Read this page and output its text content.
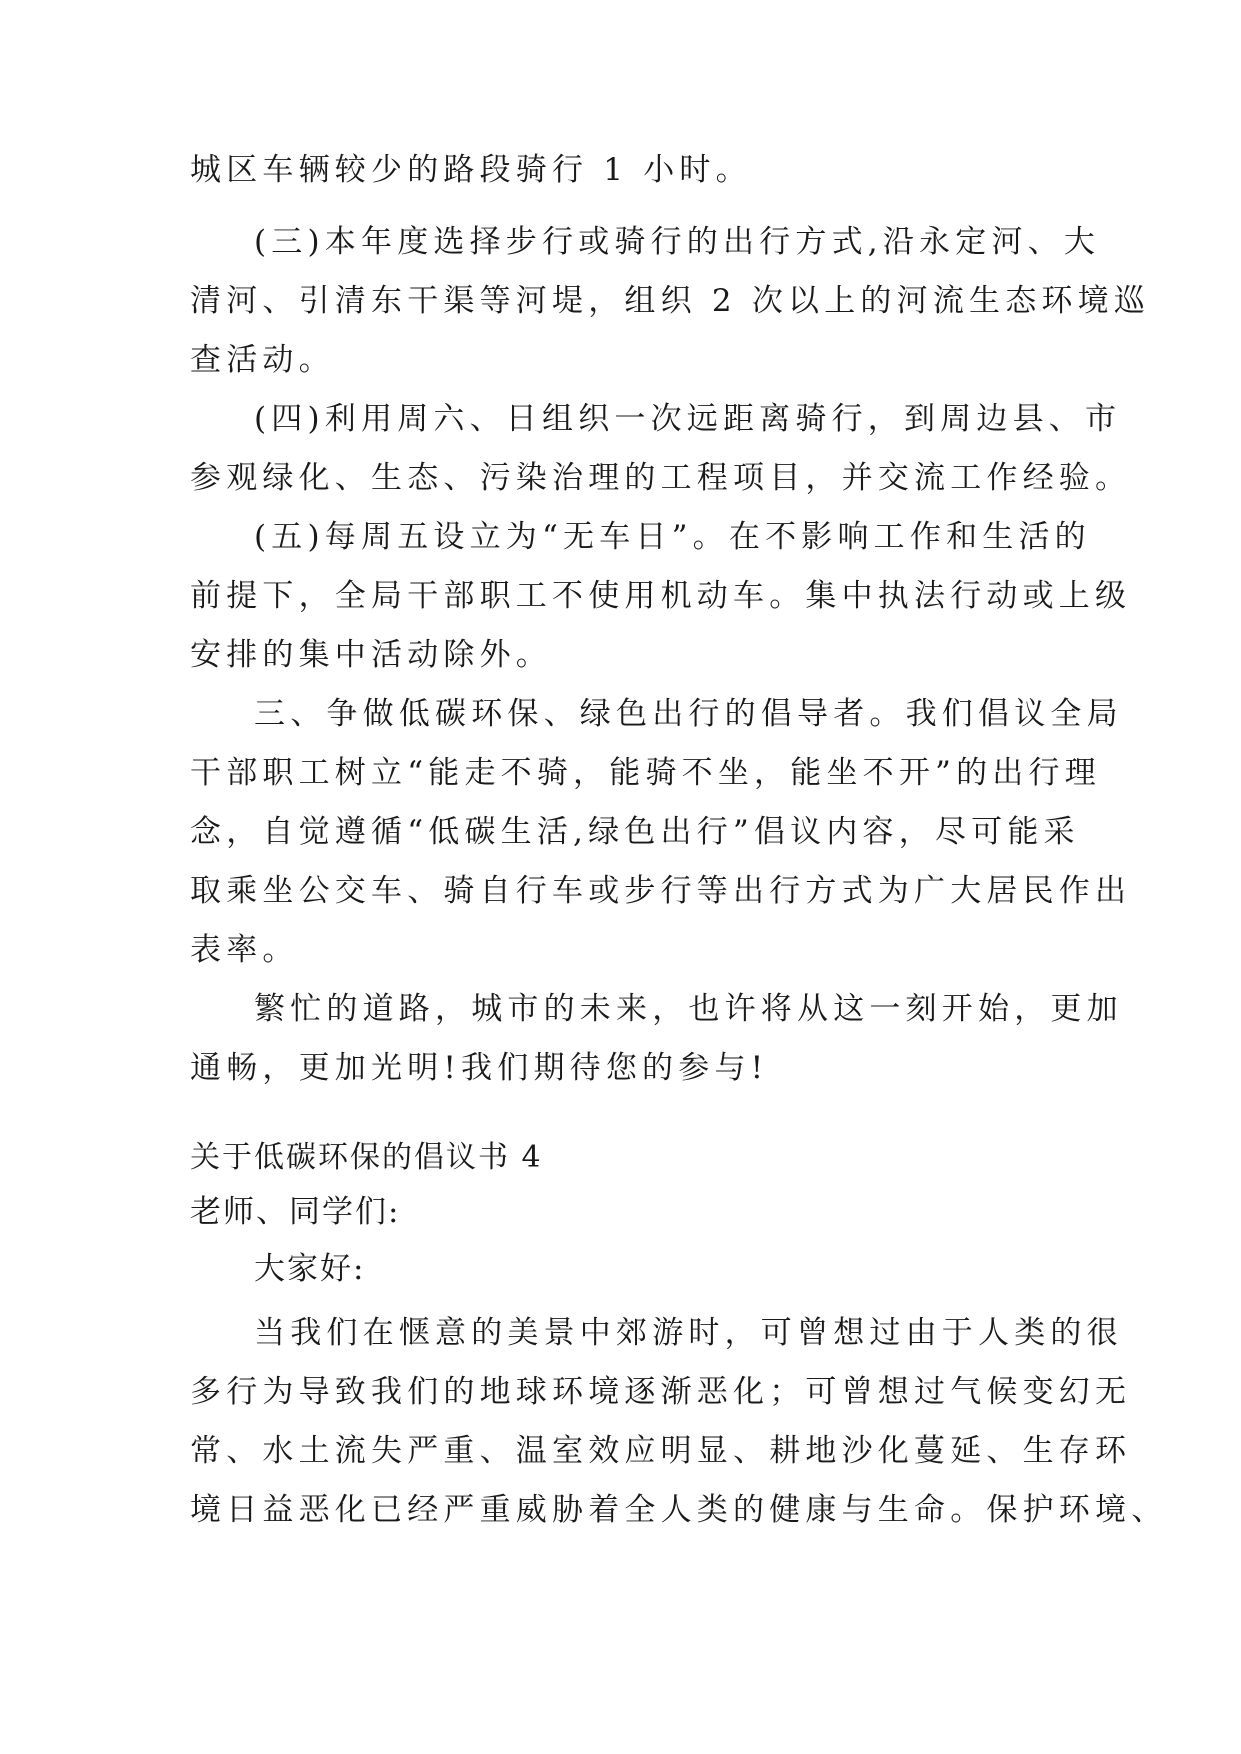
城区车辆较少的路段骑行 1 小时。

(三)本年度选择步行或骑行的出行方式,沿永定河、大

清河、引清东干渠等河堤，组织 2 次以上的河流生态环境巡

查活动。

(四)利用周六、日组织一次远距离骑行，到周边县、市

参观绿化、生态、污染治理的工程项目，并交流工作经验。

(五)每周五设立为“无车日”。在不影响工作和生活的

前提下，全局干部职工不使用机动车。集中执法行动或上级

安排的集中活动除外。

三、争做低碳环保、绿色出行的倡导者。我们倡议全局

干部职工树立“能走不骑，能骑不坐，能坐不开”的出行理

念，自觉遵循“低碳生活,绿色出行”倡议内容，尽可能采

取乘坐公交车、骑自行车或步行等出行方式为广大居民作出

表率。

繁忙的道路，城市的未来，也许将从这一刻开始，更加

通畅，更加光明!我们期待您的参与!

关于低碳环保的倡议书 4

老师、同学们:

大家好:

当我们在惬意的美景中郊游时，可曾想过由于人类的很

多行为导致我们的地球环境逐渐恶化；可曾想过气候变幻无

常、水土流失严重、温室效应明显、耕地沙化蔓延、生存环

境日益恶化已经严重威胁着全人类的健康与生命。保护环境、
